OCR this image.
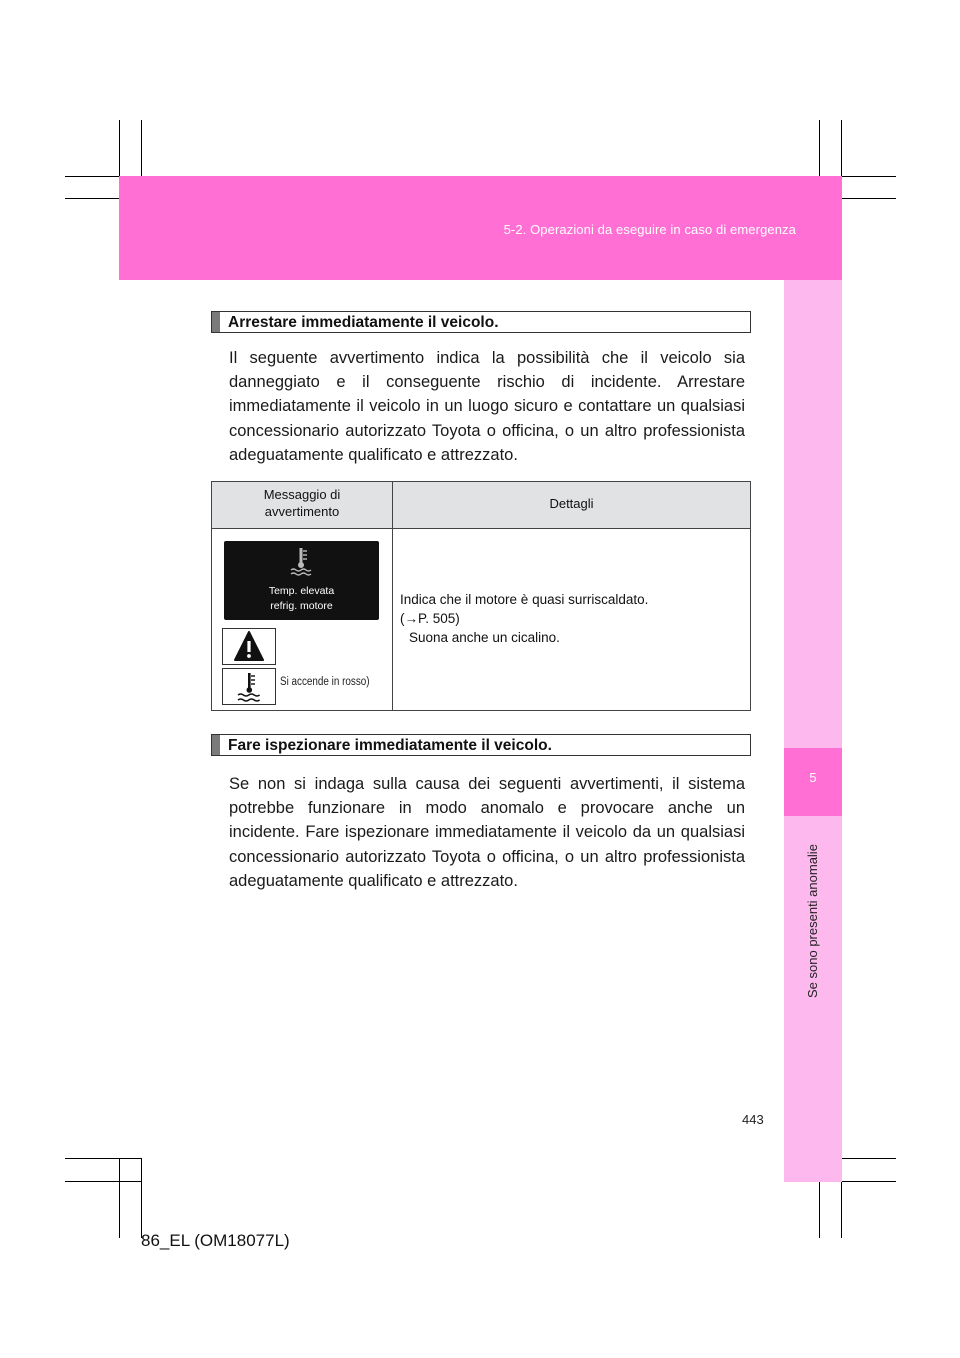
5-2. Operazioni da eseguire in caso di emergenza
5
Se sono presenti anomalie
Arrestare immediatamente il veicolo.
Il seguente avvertimento indica la possibilità che il veicolo sia danneggiato e il conseguente rischio di incidente. Arrestare immediatamente il veicolo in un luogo sicuro e contattare un qualsiasi concessionario autorizzato Toyota o officina, o un altro professionista adeguatamente qualificato e attrezzato.
Messaggio di
avvertimento
Dettagli
Temp. elevata
refrig. motore
Si accende in rosso)
Indica che il motore è quasi surriscaldato.
(→P. 505)
Suona anche un cicalino.
Fare ispezionare immediatamente il veicolo.
Se non si indaga sulla causa dei seguenti avvertimenti, il sistema potrebbe funzionare in modo anomalo e provocare anche un incidente. Fare ispezionare immediatamente il veicolo da un qualsiasi concessionario autorizzato Toyota o officina, o un altro professionista adeguatamente qualificato e attrezzato.
443
86_EL (OM18077L)
